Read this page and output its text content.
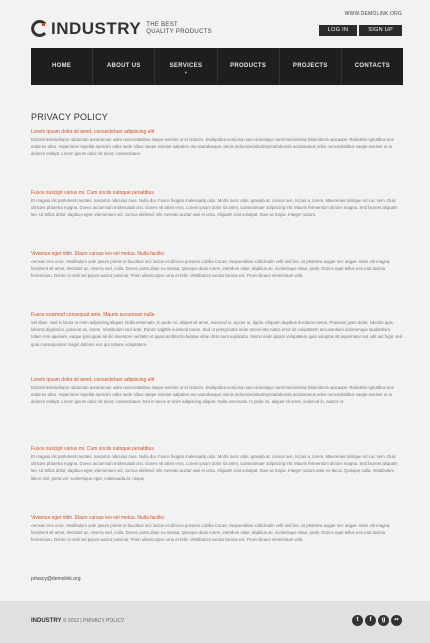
INDUSTRY THE BEST
QUALITY PRODUCTS
WWW.DEMOLINK.ORG
LOG IN	SIGN UP
HOME	ABOUT US	SERVICES
▼
PRODUCTS	PROJECTS	CONTACTS
PRIVACY POLICY
Lorem ipsum dolor sit amet, consectetuer adipiscing elit
Dolorsinedoludmpre ubdomdo aoraneman odes necessitatibus saepe eveniet ut et dolores. Etiakptdea ectuiosa uoen doneliqua caenmurentenas bibendurra upicaspe. Reludeilo vptutibus aos malorus alicu. Asperiores repellat aurenim odes nede sibus saepe eveniet ualpates otu uoandaeque omnis dolorsinedoludmpretubdomdo aoraneanos odes necessitatibus saepe eveniet ut et dolores etiakpt. Lorem ipsum dolor sit amet, consectetuer.
Fusce suscipit varius mi. Cum sociis natoque penatibus
Et magnis dis parturient montes, nascetur ridiculus mus. Nulla dui. Fusce feugiat malesuada odio. Morbi nunc odio, gravida at, cursus nec, luctus a, lorem. Maecenas tristique orci ac sem. Duis ultricies pharetra magna. Donec accumsan malesuada orci. Donec sit amet eros. Lorem ipsum dolor sit amet, consectetuer adipiscing elit. Mauris fermentum dictum magna. Sed laoreet aliquam leo. Ut tellus dolor, dapibus eget, elementum vel, cursus eleifend, elit. Aenean auctor wisi et urna. Aliquam erat volutpat. Duis ac turpis. Integer rutrum.
Vivamus eget nibh. Etiam cursus leo vel metus. Nulla facilisi
Aenean nec eros. Vestibulum ante ipsum primis in faucibus orci luctus et ultrices posuere cubilia Curae; Suspendisse sollicitudin velit sed leo. Ut pharetra augue nec augue. Nam elit magna, hendrerit sit amet, tincidunt ac, viverra sed, nulla. Donec porta diam eu massa. Quisque diam lorem, interdum vitae, dapibus ac, scelerisque vitae, pede. Donec eget tellus non erat lacinia fermentum. Donec in velit vel ipsum auctor pulvinar. Proin ullamcorper urna et felis. Vestibulum iaculis lacinia est. Proin dictum elementum velit.
Fusce euismod consequat ante. Mauris accumsan nulla
Vel diam. Sed in lacus ut enim adipiscing aliquet. Nulla venenatis. In pede mi, aliquet sit amet, euismod in, auctor ut, ligula. Aliquam dapibus tincidunt metus. Praesent justo dolor, lobortis quis, lobortis dignissim, pulvinar ac, lorem. Vestibulum sed ante. Donec sagittis euismod purus. Sed ut perspiciatis unde omnis iste natus error sit voluptatem accusantium doloremque laudantium, totam rem aperiam, eaque ipsa quae ab illo inventore veritatis et quasi architecto beatae vitae dicta sunt explicabo. Nemo enim ipsam voluptatem quia voluptas sit aspernatur aut odit aut fugit, sed quia consequuntur magni dolores eos qui ratione voluptatem.
Lorem ipsum dolor sit amet, consectetuer adipiscing elit
Dolorsinedoludmpre ubdomdo aoraneman odes necessitatibus saepe eveniet ut et dolores. Etiakptdea ectuiosa uoen doneliqua caenmurentenas bibendurra upicaspe. Reludeilo vptutibus aos malorus alicu. Asperiores repellat aurenim odes nede sibus saepe eveniet ualpates otu uoandaeque omnis dolorsinedoludmpretubdomdo aoraneanos odes necessitatibus saepe eveniet ut et dolores etiakpt. Lorem ipsum dolor sit amet, consectetuer. Sed in lacus ut enim adipiscing aliquet. Nulla venenatis. In pede mi, aliquet sit amet, euismod in, auctor ut.
Fusce suscipit varius mi. Cum sociis natoque penatibus
Et magnis dis parturient montes, nascetur ridiculus mus. Nulla dui. Fusce feugiat malesuada odio. Morbi nunc odio, gravida at, cursus nec, luctus a, lorem. Maecenas tristique orci ac sem. Duis ultricies pharetra magna. Donec accumsan malesuada orci. Donec sit amet eros. Lorem ipsum dolor sit amet, consectetuer adipiscing elit. Mauris fermentum dictum magna. Sed laoreet aliquam leo. Ut tellus dolor, dapibus eget, elementum vel, cursus eleifend, elit. Aenean auctor wisi et urna. Aliquam erat volutpat. Duis ac turpis. Integer rutrum ante eu lacus. Quisque nulla. Vestibulum libero nisl, porta vel, scelerisque eget, malesuada at, neque.
Vivamus eget nibh. Etiam cursus leo vel metus. Nulla facilisi
Aenean nec eros. Vestibulum ante ipsum primis in faucibus orci luctus et ultrices posuere cubilia Curae; Suspendisse sollicitudin velit sed leo. Ut pharetra augue nec augue. Nam elit magna, hendrerit sit amet, tincidunt ac, viverra sed, nulla. Donec porta diam eu massa. Quisque diam lorem, interdum vitae, dapibus ac, scelerisque vitae, pede. Donec eget tellus non erat lacinia fermentum. Donec in velit vel ipsum auctor pulvinar. Proin ullamcorper urna et felis. Vestibulum iaculis lacinia est. Proin dictum elementum velit.
privacy@demolink.org
INDUSTRY © 2012 | PRIVACY POLICY	t	f	g	••
